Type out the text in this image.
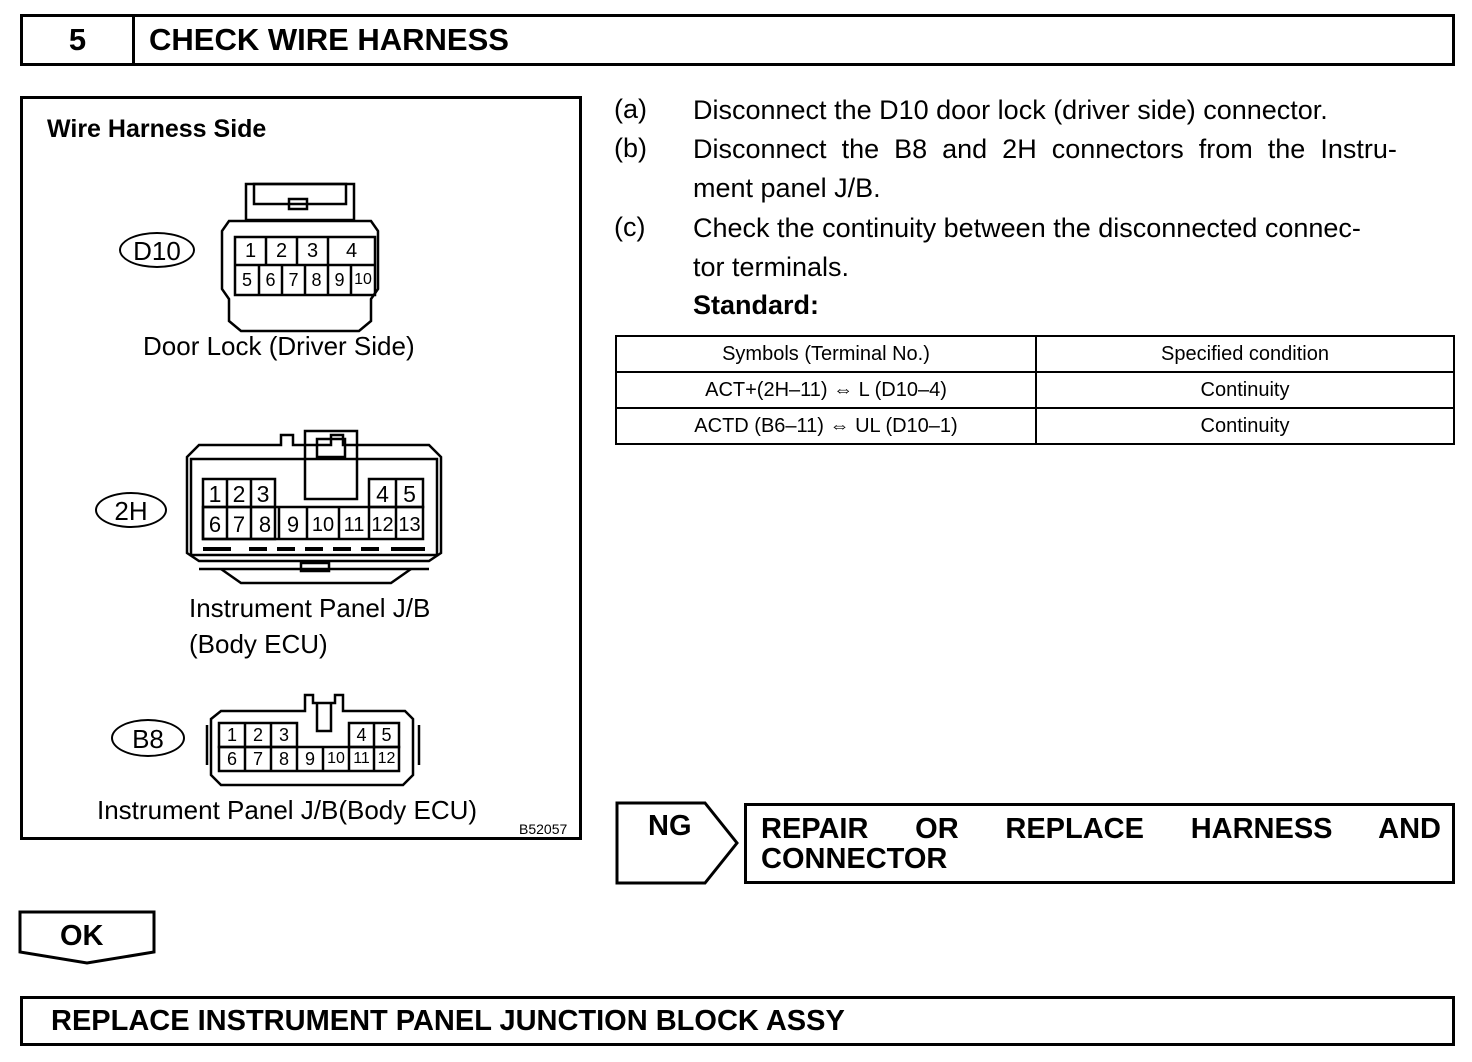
5	CHECK WIRE HARNESS
Wire Harness Side
D10	1 2 3	4
5 6 7 8 9 10
Door Lock (Driver Side)
2H
1 2 3	4 5
6 7 8 9 10 11 12 13
Instrument Panel J/B
(Body ECU)
B8	1 2 3	4 5
6 7 8 9 10 11 12
Instrument Panel J/B(Body ECU)
B52057
(a) Disconnect the D10 door lock (driver side) connector.
(b) Disconnect  the  B8  and  2H  connectors  from  the  Instru-
ment panel J/B.
(c) Check the continuity between the disconnected connec-
tor terminals.
Standard:
Symbols (Terminal No.)	Specified condition
ACT+(2H–11) ⇔ L (D10–4)	Continuity
ACTD (B6–11) ⇔ UL (D10–1)	Continuity
NG REPAIR OR REPLACE HARNESS AND CONNECTOR
OK
REPLACE INSTRUMENT PANEL JUNCTION BLOCK ASSY
